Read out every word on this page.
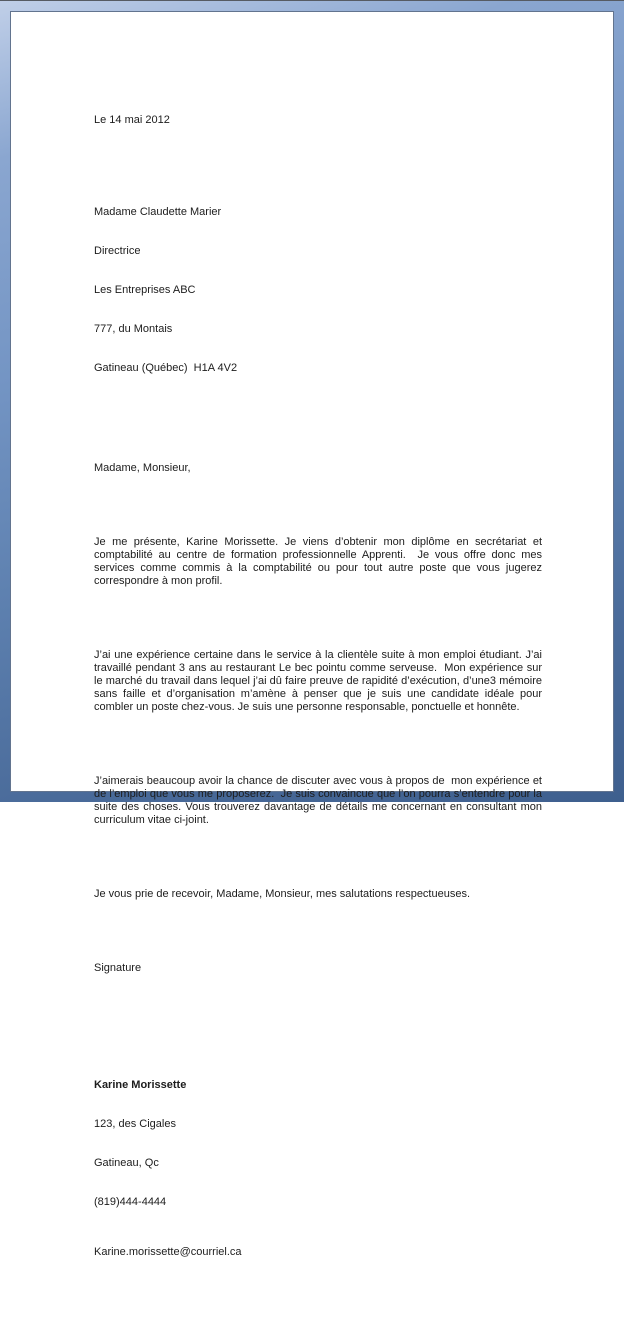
Le 14 mai 2012

Madame Claudette Marier

Directrice

Les Entreprises ABC

777, du Montais

Gatineau (Québec)  H1A 4V2

Madame, Monsieur,

Je me présente, Karine Morissette. Je viens d’obtenir mon diplôme en secrétariat et comptabilité au centre de formation professionnelle Apprenti.  Je vous offre donc mes services comme commis à la comptabilité ou pour tout autre poste que vous jugerez correspondre à mon profil.

J’ai une expérience certaine dans le service à la clientèle suite à mon emploi étudiant. J’ai travaillé pendant 3 ans au restaurant Le bec pointu comme serveuse.  Mon expérience sur le marché du travail dans lequel j’ai dû faire preuve de rapidité d’exécution, d’une3 mémoire sans faille et d’organisation m’amène à penser que je suis une candidate idéale pour combler un poste chez-vous. Je suis une personne responsable, ponctuelle et honnête.

J’aimerais beaucoup avoir la chance de discuter avec vous à propos de  mon expérience et de l’emploi que vous me proposerez.  Je suis convaincue que l’on pourra s’entendre pour la suite des choses. Vous trouverez davantage de détails me concernant en consultant mon curriculum vitae ci-joint.

Je vous prie de recevoir, Madame, Monsieur, mes salutations respectueuses.

Signature

Karine Morissette

123, des Cigales

Gatineau, Qc

(819)444-4444

Karine.morissette@courriel.ca
